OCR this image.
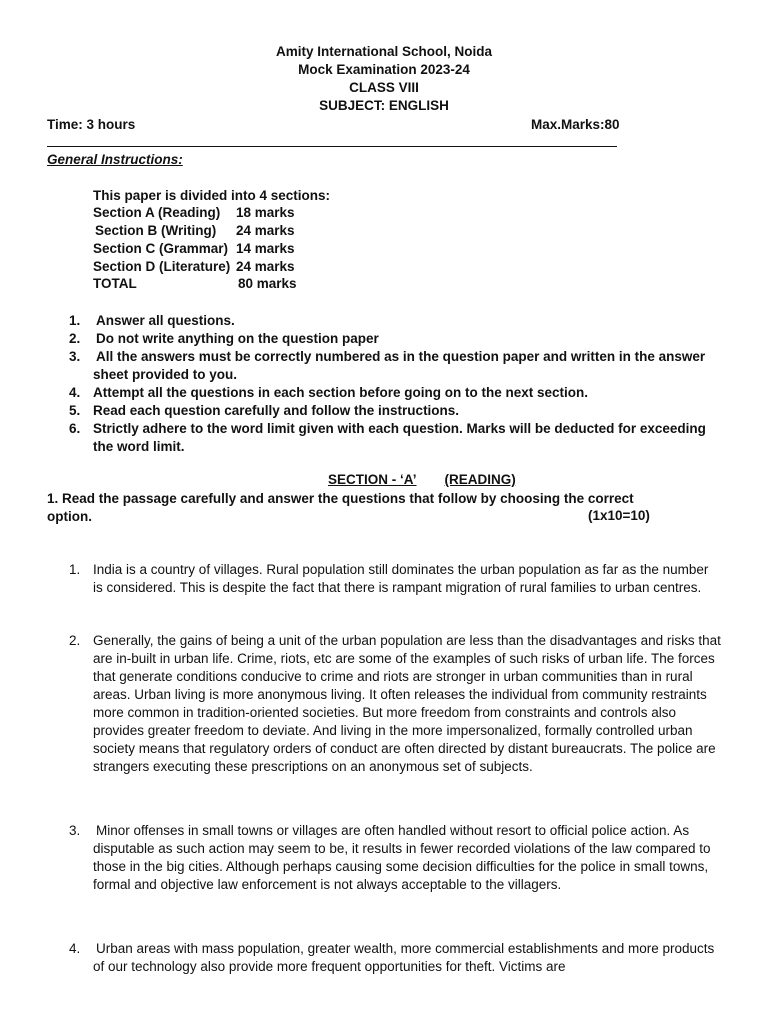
Amity International School, Noida
Mock Examination 2023-24
CLASS VIII
SUBJECT: ENGLISH
Time: 3 hours	Max.Marks:80
General Instructions:
This paper is divided into 4 sections:
Section A (Reading) 18 marks
Section B (Writing) 24 marks
Section C (Grammar) 14 marks
Section D (Literature) 24 marks
TOTAL	80 marks
1. Answer all questions.
2. Do not write anything on the question paper
3. All the answers must be correctly numbered as in the question paper and written in the answer sheet provided to you.
4. Attempt all the questions in each section before going on to the next section.
5. Read each question carefully and follow the instructions.
6. Strictly adhere to the word limit given with each question. Marks will be deducted for exceeding the word limit.
SECTION - ‘A’ (READING)
1. Read the passage carefully and answer the questions that follow by choosing the correct option.	(1x10=10)
1. India is a country of villages. Rural population still dominates the urban population as far as the number is considered. This is despite the fact that there is rampant migration of rural families to urban centres.
2. Generally, the gains of being a unit of the urban population are less than the disadvantages and risks that are in-built in urban life. Crime, riots, etc are some of the examples of such risks of urban life. The forces that generate conditions conducive to crime and riots are stronger in urban communities than in rural areas. Urban living is more anonymous living. It often releases the individual from community restraints more common in tradition-oriented societies. But more freedom from constraints and controls also provides greater freedom to deviate. And living in the more impersonalized, formally controlled urban society means that regulatory orders of conduct are often directed by distant bureaucrats. The police are strangers executing these prescriptions on an anonymous set of subjects.
3. Minor offenses in small towns or villages are often handled without resort to official police action. As disputable as such action may seem to be, it results in fewer recorded violations of the law compared to those in the big cities. Although perhaps causing some decision difficulties for the police in small towns, formal and objective law enforcement is not always acceptable to the villagers.
4. Urban areas with mass population, greater wealth, more commercial establishments and more products of our technology also provide more frequent opportunities for theft. Victims are
